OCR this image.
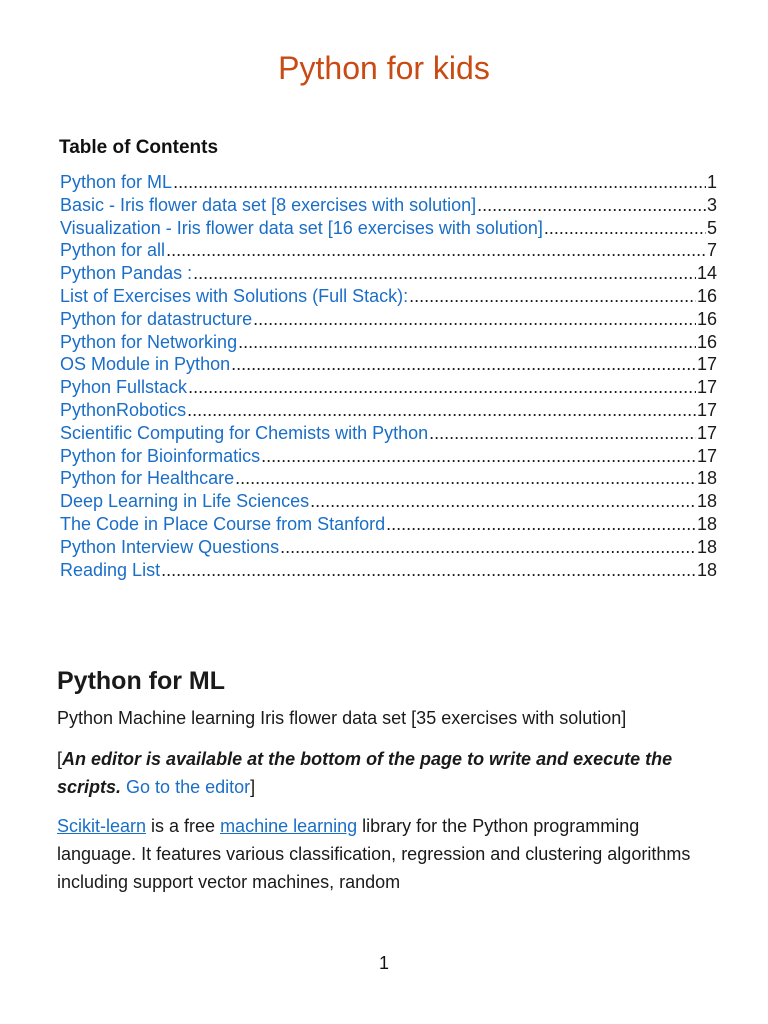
Python for kids
Table of Contents
Python for ML .....	1
Basic - Iris flower data set [8 exercises with solution] .....	3
Visualization - Iris flower data set [16 exercises with solution] .....	5
Python for all .....	7
Python Pandas : .....	14
List of Exercises with Solutions (Full Stack): .....	16
Python for datastructure .....	16
Python for Networking .....	16
OS Module in Python .....	17
Pyhon Fullstack .....	17
PythonRobotics .....	17
Scientific Computing for Chemists with Python .....	17
Python for Bioinformatics .....	17
Python for Healthcare .....	18
Deep Learning in Life Sciences .....	18
The Code in Place Course from Stanford .....	18
Python Interview Questions .....	18
Reading List .....	18
Python for ML
Python Machine learning Iris flower data set [35 exercises with solution]
[An editor is available at the bottom of the page to write and execute the scripts. Go to the editor]
Scikit-learn is a free machine learning library for the Python programming language. It features various classification, regression and clustering algorithms including support vector machines, random
1
